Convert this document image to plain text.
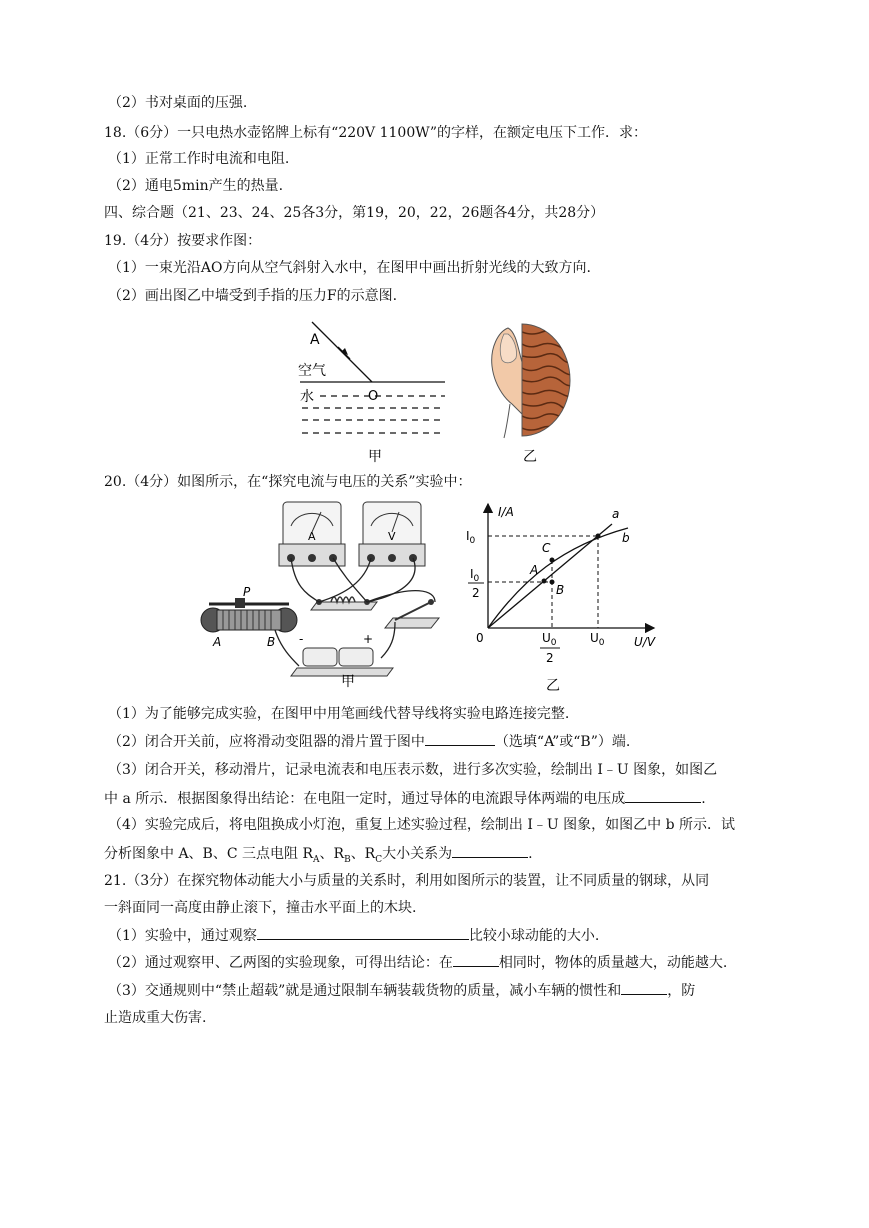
（2）书对桌面的压强.
18.（6分）一只电热水壶铭牌上标有“220V 1100W”的字样，在额定电压下工作．求：
（1）正常工作时电流和电阻.
（2）通电5min产生的热量.
四、综合题（21、23、24、25各3分，第19，20，22，26题各4分，共28分）
19.（4分）按要求作图：
（1）一束光沿AO方向从空气斜射入水中，在图甲中画出折射光线的大致方向.
（2）画出图乙中墙受到手指的压力F的示意图.
A
空气
水	O
甲	乙
20.（4分）如图所示，在“探究电流与电压的关系”实验中：
A	V
P
A	B -	+
甲
I/A
U/V
0
a
b
C
A
B
$I_0$
$I_0$
2
$U_0$
2
$U_0$
乙
（1）为了能够完成实验，在图甲中用笔画线代替导线将实验电路连接完整.
（2）闭合开关前，应将滑动变阻器的滑片置于图中	（选填“A”或“B”）端.
（3）闭合开关，移动滑片，记录电流表和电压表示数，进行多次实验，绘制出 I﹣U 图象，如图乙
中 a 所示．根据图象得出结论：在电阻一定时，通过导体的电流跟导体两端的电压成	.
（4）实验完成后，将电阻换成小灯泡，重复上述实验过程，绘制出 I﹣U 图象，如图乙中 b 所示．试
分析图象中 A、B、C 三点电阻 $R_A$、$R_B$、$R_C$大小关系为	.
21.（3分）在探究物体动能大小与质量的关系时，利用如图所示的装置，让不同质量的钢球，从同
一斜面同一高度由静止滚下，撞击水平面上的木块.
（1）实验中，通过观察	比较小球动能的大小.
（2）通过观察甲、乙两图的实验现象，可得出结论：在	相同时，物体的质量越大，动能越大.
（3）交通规则中“禁止超载”就是通过限制车辆装载货物的质量，减小车辆的惯性和	，防
止造成重大伤害.
